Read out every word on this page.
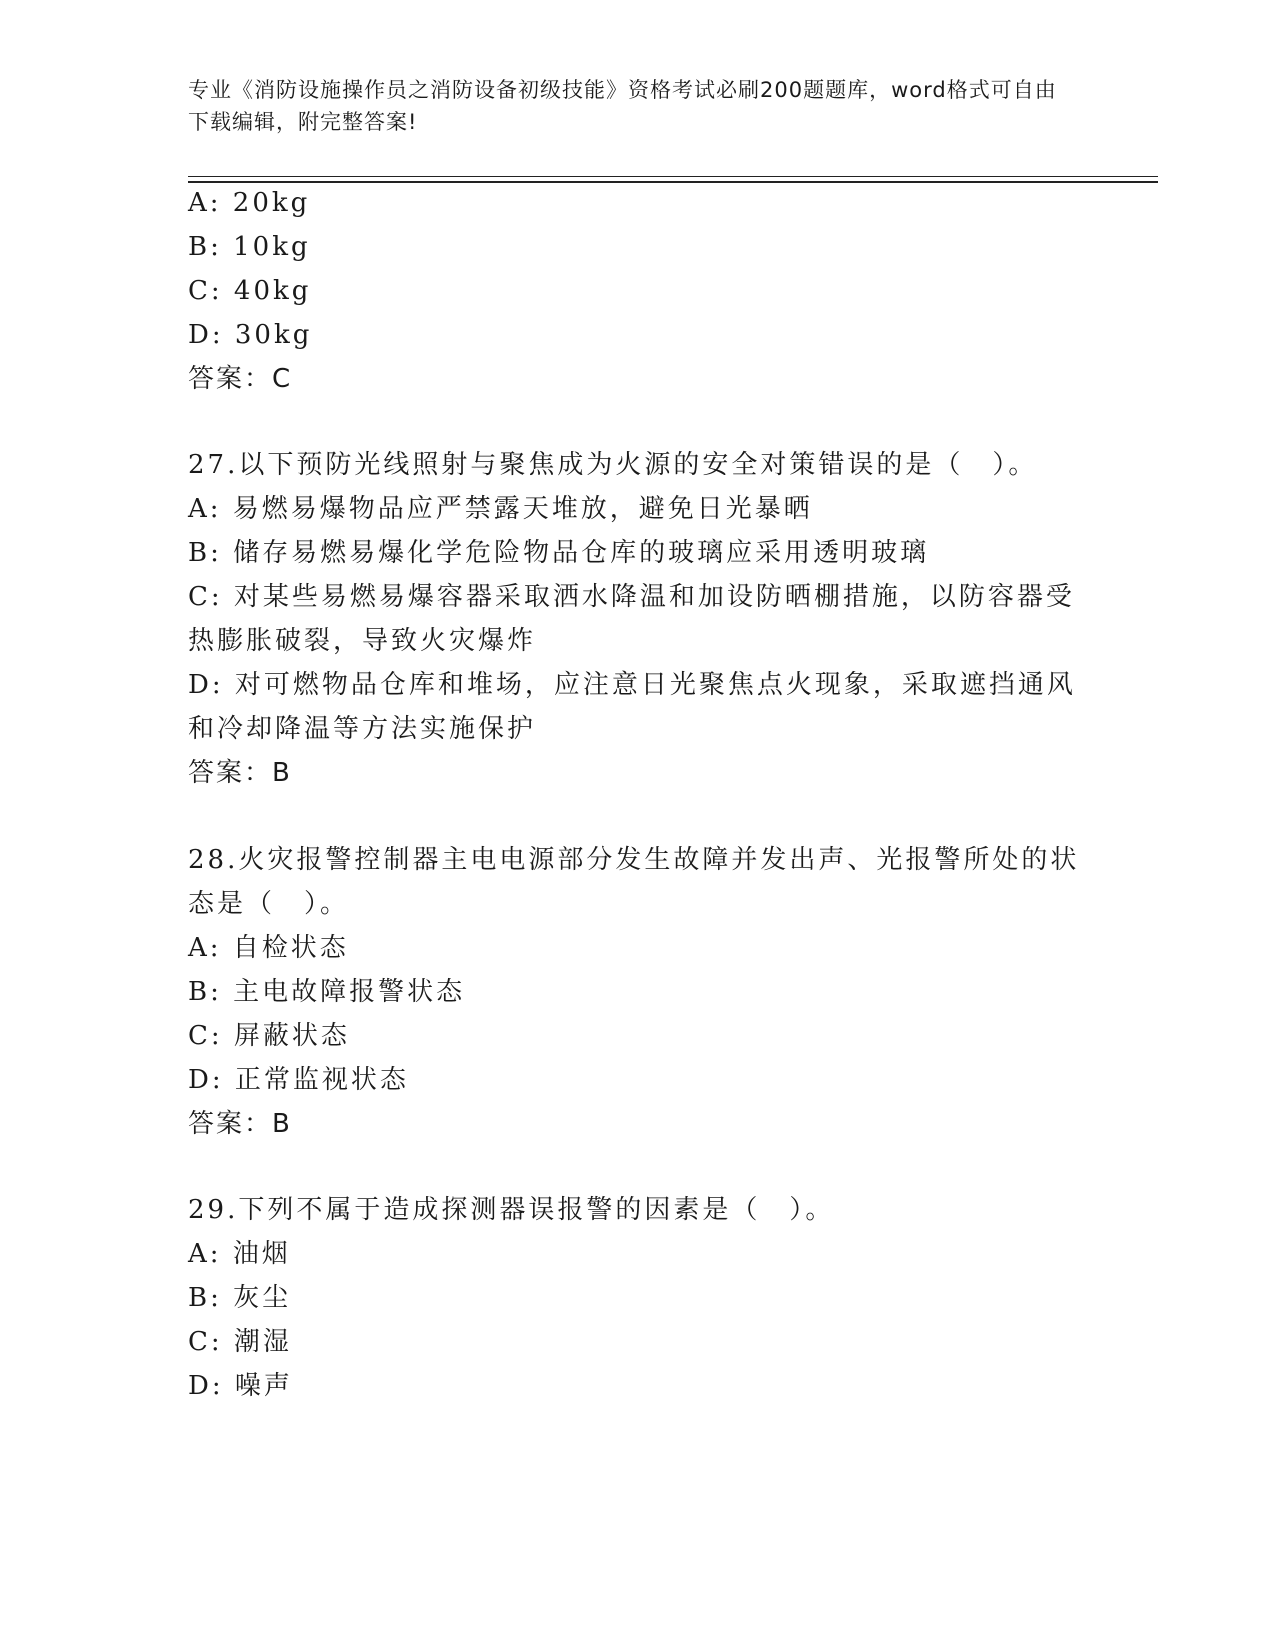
专业《消防设施操作员之消防设备初级技能》资格考试必刷200题题库，word格式可自由下载编辑，附完整答案!

A: 20kg

B: 10kg

C: 40kg

D: 30kg

答案：C

27.以下预防光线照射与聚焦成为火源的安全对策错误的是（　）。

A: 易燃易爆物品应严禁露天堆放，避免日光暴晒

B: 储存易燃易爆化学危险物品仓库的玻璃应采用透明玻璃

C: 对某些易燃易爆容器采取洒水降温和加设防晒棚措施，以防容器受

热膨胀破裂，导致火灾爆炸

D: 对可燃物品仓库和堆场，应注意日光聚焦点火现象，采取遮挡通风

和冷却降温等方法实施保护

答案：B

28.火灾报警控制器主电电源部分发生故障并发出声、光报警所处的状

态是（　）。

A: 自检状态

B: 主电故障报警状态

C: 屏蔽状态

D: 正常监视状态

答案：B

29.下列不属于造成探测器误报警的因素是（　）。

A: 油烟

B: 灰尘

C: 潮湿

D: 噪声
